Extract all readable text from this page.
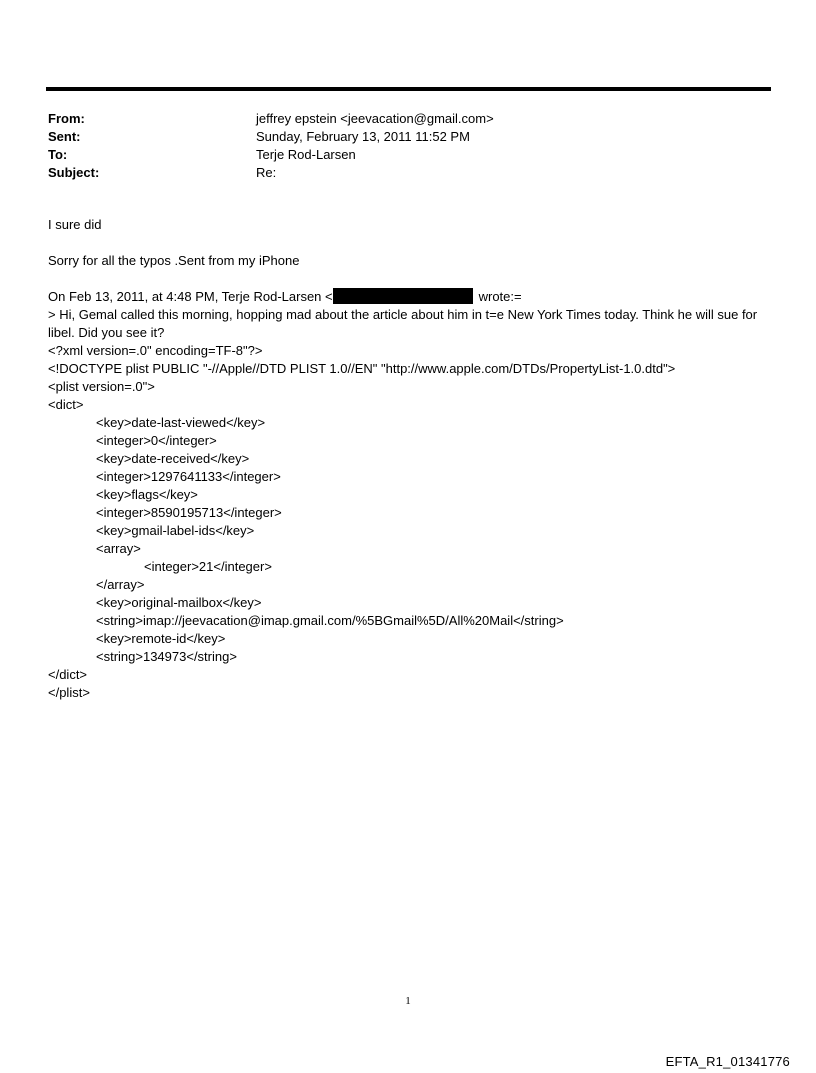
From:	jeffrey epstein <jeevacation@gmail.com>
Sent:	Sunday, February 13, 2011 11:52 PM
To:	Terje Rod-Larsen
Subject:	Re:
I sure did
Sorry for all the typos .Sent from my iPhone
On Feb 13, 2011, at 4:48 PM, Terje Rod-Larsen <	wrote:=
> Hi, Gemal called this morning, hopping mad about the article about him in t=e New York Times today. Think he will sue for libel. Did you see it?
<?xml version=.0" encoding=TF-8"?>
<!DOCTYPE plist PUBLIC "-//Apple//DTD PLIST 1.0//EN" "http://www.apple.com/DTDs/PropertyList-1.0.dtd">
<plist version=.0">
<dict>
<key>date-last-viewed</key>
<integer>0</integer>
<key>date-received</key>
<integer>1297641133</integer>
<key>flags</key>
<integer>8590195713</integer>
<key>gmail-label-ids</key>
<array>
<integer>21</integer>
</array>
<key>original-mailbox</key>
<string>imap://jeevacation@imap.gmail.com/%5BGmail%5D/All%20Mail</string>
<key>remote-id</key>
<string>134973</string>
</dict>
</plist>
1
EFTA_R1_01341776
